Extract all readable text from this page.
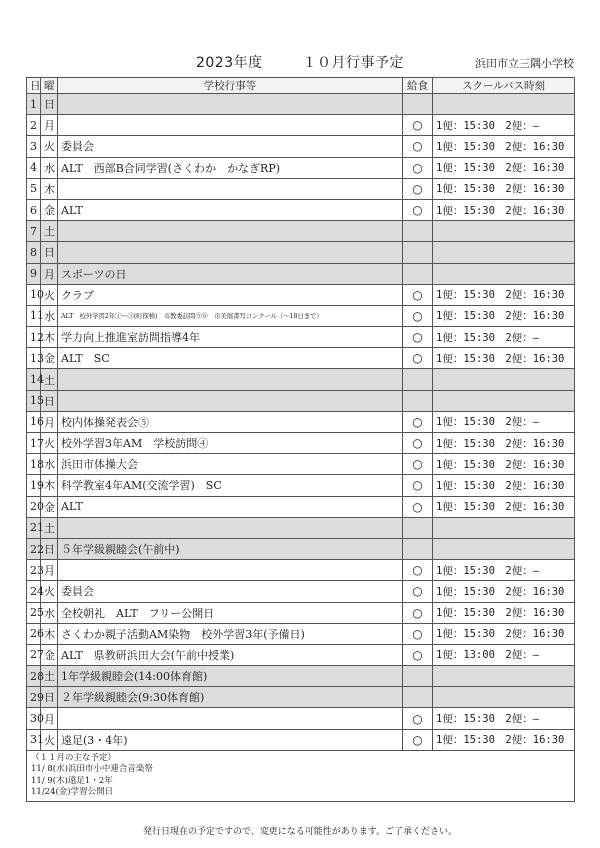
2023年度	１０月行事予定	浜田市立三隅小学校
日	曜	学校行事等	給食	スクールバス時刻
1	日			
2	月		○	1便：15:30　2便：―
3	火	委員会	○	1便：15:30　2便：16:30
4	水	ALT　西部B合同学習(さくわか　かなぎRP)	○	1便：15:30　2便：16:30
5	木		○	1便：15:30　2便：16:30
6	金	ALT	○	1便：15:30　2便：16:30
7	土			
8	日			
9	月	スポーツの日		
10	火	クラブ	○	1便：15:30　2便：16:30
11	水	ALT　校外学習2年①～③(町探検)　市教委訪問⑤⑥　市美展書写コンクール（～18日まで）	○	1便：15:30　2便：16:30
12	木	学力向上推進室訪問指導4年	○	1便：15:30　2便：―
13	金	ALT　SC	○	1便：15:30　2便：16:30
14	土			
15	日			
16	月	校内体操発表会⑤	○	1便：15:30　2便：―
17	火	校外学習3年AM　学校訪問④	○	1便：15:30　2便：16:30
18	水	浜田市体操大会	○	1便：15:30　2便：16:30
19	木	科学教室4年AM(交流学習)　SC	○	1便：15:30　2便：16:30
20	金	ALT	○	1便：15:30　2便：16:30
21	土			
22	日	５年学級親睦会(午前中)		
23	月		○	1便：15:30　2便：―
24	火	委員会	○	1便：15:30　2便：16:30
25	水	全校朝礼　ALT　フリー公開日	○	1便：15:30　2便：16:30
26	木	さくわか親子活動AM染物　校外学習3年(予備日)	○	1便：15:30　2便：16:30
27	金	ALT　県教研浜田大会(午前中授業)	○	1便：13:00　2便：―
28	土	1年学級親睦会(14:00体育館)		
29	日	２年学級親睦会(9:30体育館)		
30	月		○	1便：15:30　2便：―
31	火	遠足(3・4年)	○	1便：15:30　2便：16:30

（１１月の主な予定）
11/ 8(水)浜田市小中連合音楽祭
11/ 9(木)遠足1・2年
11/24(金)学習公開日				
発行日現在の予定ですので、変更になる可能性があります。ご了承ください。
